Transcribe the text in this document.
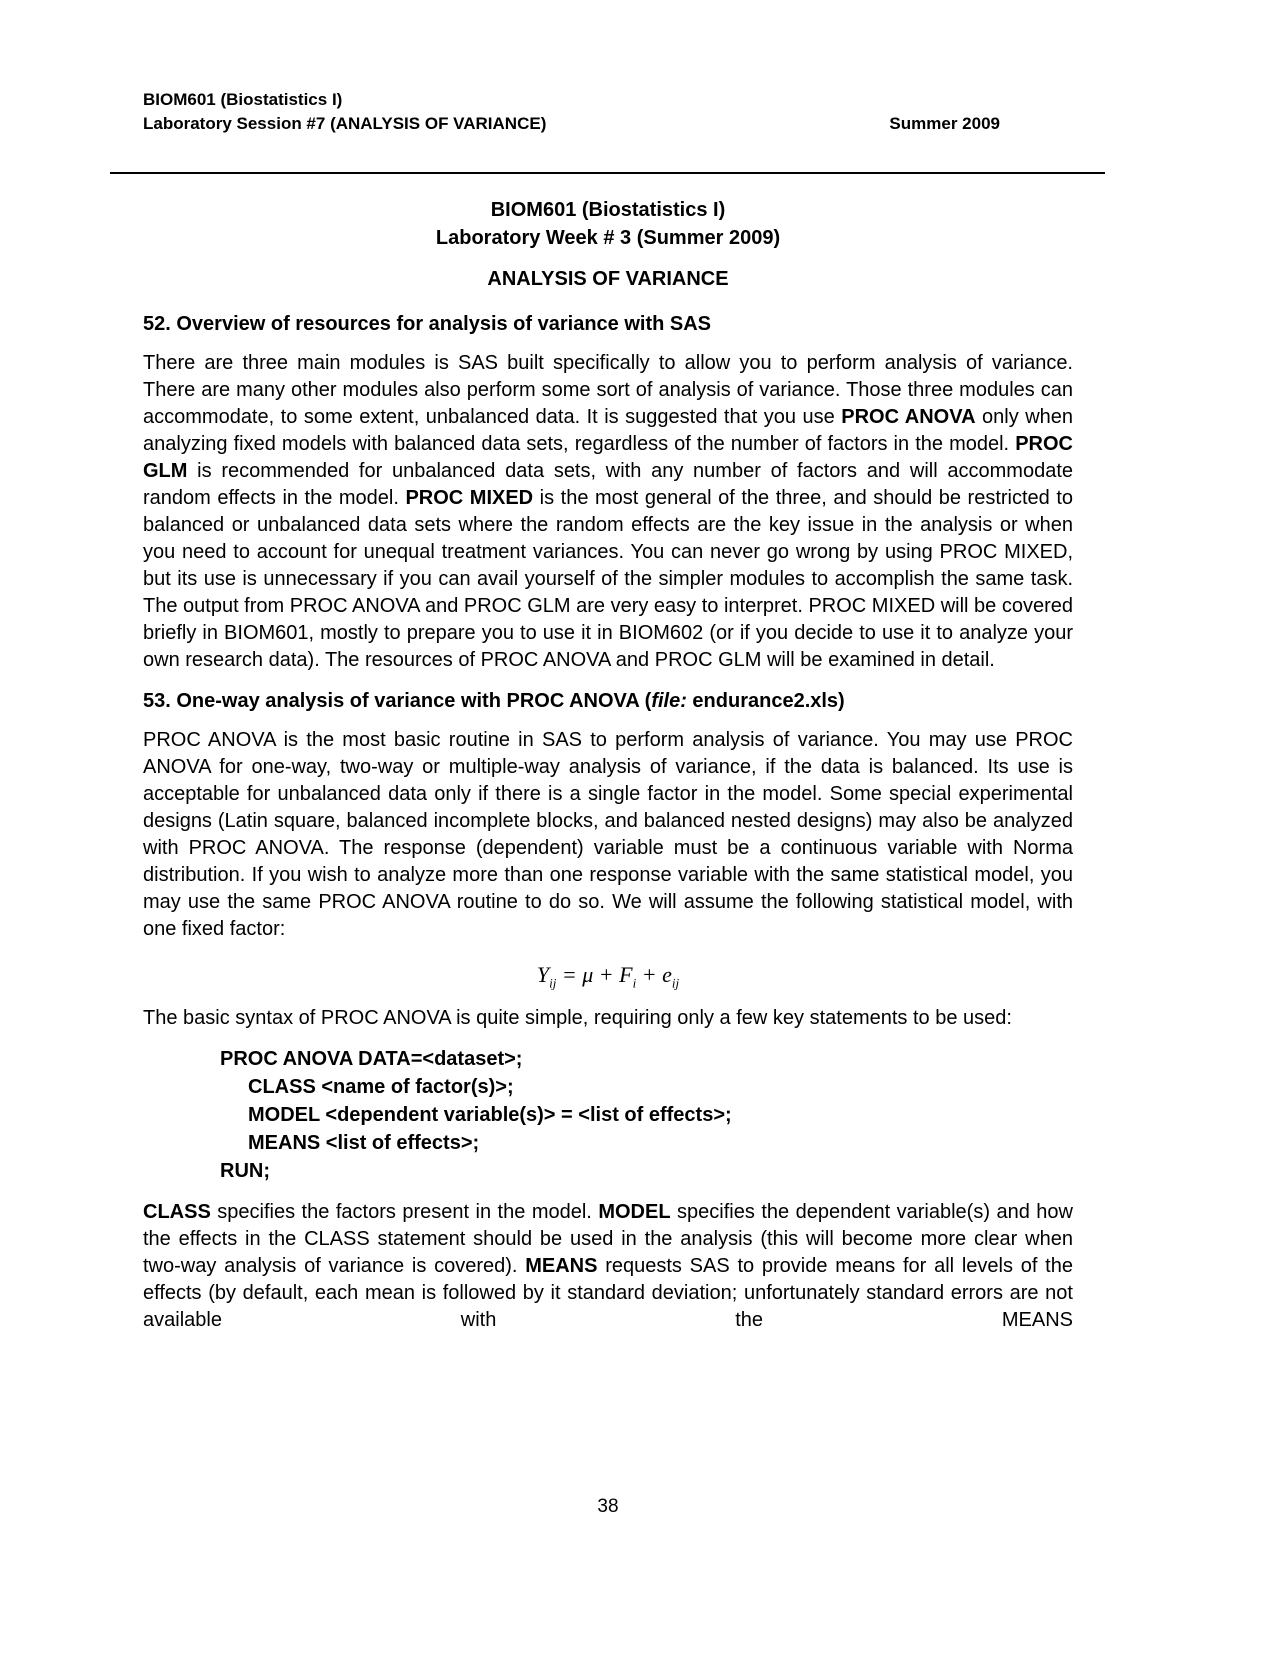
BIOM601 (Biostatistics I)
Laboratory Session #7 (ANALYSIS OF VARIANCE)	Summer 2009
BIOM601 (Biostatistics I)
Laboratory Week # 3 (Summer 2009)
ANALYSIS OF VARIANCE
52. Overview of resources for analysis of variance with SAS

There are three main modules is SAS built specifically to allow you to perform analysis of variance. There are many other modules also perform some sort of analysis of variance. Those three modules can accommodate, to some extent, unbalanced data. It is suggested that you use PROC ANOVA only when analyzing fixed models with balanced data sets, regardless of the number of factors in the model. PROC GLM is recommended for unbalanced data sets, with any number of factors and will accommodate random effects in the model. PROC MIXED is the most general of the three, and should be restricted to balanced or unbalanced data sets where the random effects are the key issue in the analysis or when you need to account for unequal treatment variances. You can never go wrong by using PROC MIXED, but its use is unnecessary if you can avail yourself of the simpler modules to accomplish the same task. The output from PROC ANOVA and PROC GLM are very easy to interpret. PROC MIXED will be covered briefly in BIOM601, mostly to prepare you to use it in BIOM602 (or if you decide to use it to analyze your own research data). The resources of PROC ANOVA and PROC GLM will be examined in detail.

53. One-way analysis of variance with PROC ANOVA (file: endurance2.xls)

PROC ANOVA is the most basic routine in SAS to perform analysis of variance. You may use PROC ANOVA for one-way, two-way or multiple-way analysis of variance, if the data is balanced. Its use is acceptable for unbalanced data only if there is a single factor in the model. Some special experimental designs (Latin square, balanced incomplete blocks, and balanced nested designs) may also be analyzed with PROC ANOVA. The response (dependent) variable must be a continuous variable with Norma distribution. If you wish to analyze more than one response variable with the same statistical model, you may use the same PROC ANOVA routine to do so. We will assume the following statistical model, with one fixed factor:

$Y_{ij} = \mu + F_i + e_{ij}$

The basic syntax of PROC ANOVA is quite simple, requiring only a few key statements to be used:

PROC ANOVA DATA=<dataset>;
CLASS <name of factor(s)>;
MODEL <dependent variable(s)> = <list of effects>;
MEANS <list of effects>;
RUN;

CLASS specifies the factors present in the model. MODEL specifies the dependent variable(s) and how the effects in the CLASS statement should be used in the analysis (this will become more clear when two-way analysis of variance is covered). MEANS requests SAS to provide means for all levels of the effects (by default, each mean is followed by it standard deviation; unfortunately standard errors are not available with the MEANS

38
